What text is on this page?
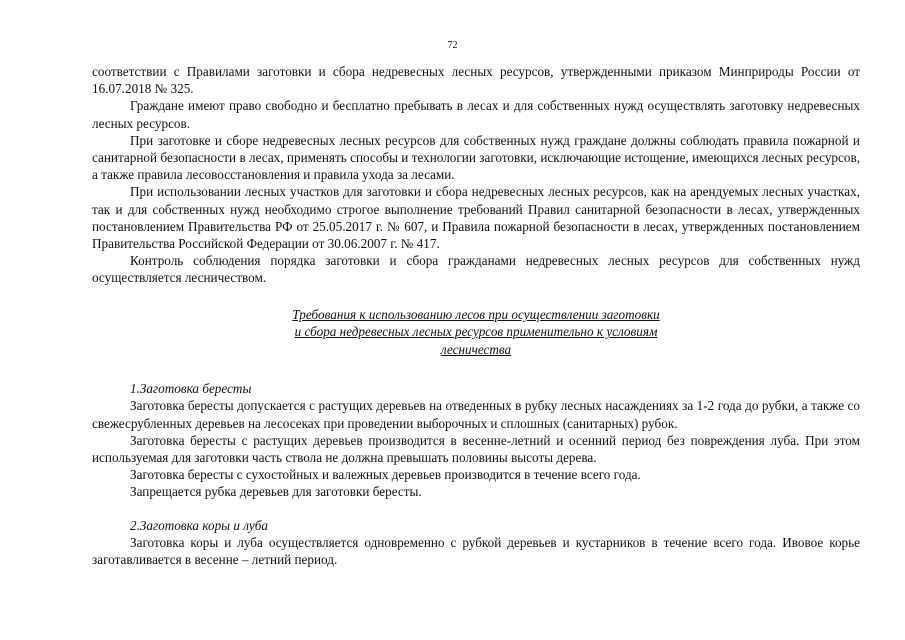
72

соответствии с Правилами заготовки и сбора недревесных лесных ресурсов, утвержденными приказом Минприроды России от 16.07.2018 № 325.

Граждане имеют право свободно и бесплатно пребывать в лесах и для собственных нужд осуществлять заготовку недревесных лесных ресурсов.

При заготовке и сборе недревесных лесных ресурсов для собственных нужд граждане должны соблюдать правила пожарной и санитарной безопасности в лесах, применять способы и технологии заготовки, исключающие истощение, имеющихся лесных ресурсов, а также правила лесовосстановления и правила ухода за лесами.

При использовании лесных участков для заготовки и сбора недревесных лесных ресурсов, как на арендуемых лесных участках, так и для собственных нужд необходимо строгое выполнение требований Правил санитарной безопасности в лесах, утвержденных постановлением Правительства РФ от 25.05.2017 г. № 607, и Правила пожарной безопасности в лесах, утвержденных постановлением Правительства Российской Федерации от 30.06.2007 г. № 417.

Контроль соблюдения порядка заготовки и сбора гражданами недревесных лесных ресурсов для собственных нужд осуществляется лесничеством.

Требования к использованию лесов при осуществлении заготовки
и сбора недревесных лесных ресурсов применительно к условиям
лесничества

1.Заготовка бересты

Заготовка бересты допускается с растущих деревьев на отведенных в рубку лесных насаждениях за 1-2 года до рубки, а также со свежесрубленных деревьев на лесосеках при проведении выборочных и сплошных (санитарных) рубок.

Заготовка бересты с растущих деревьев производится в весенне-летний и осенний период без повреждения луба. При этом используемая для заготовки часть ствола не должна превышать половины высоты дерева.

Заготовка бересты с сухостойных и валежных деревьев производится в течение всего года.

Запрещается рубка деревьев для заготовки бересты.

2.Заготовка коры и луба

Заготовка коры и луба осуществляется одновременно с рубкой деревьев и кустарников в течение всего года. Ивовое корье заготавливается в весенне – летний период.
